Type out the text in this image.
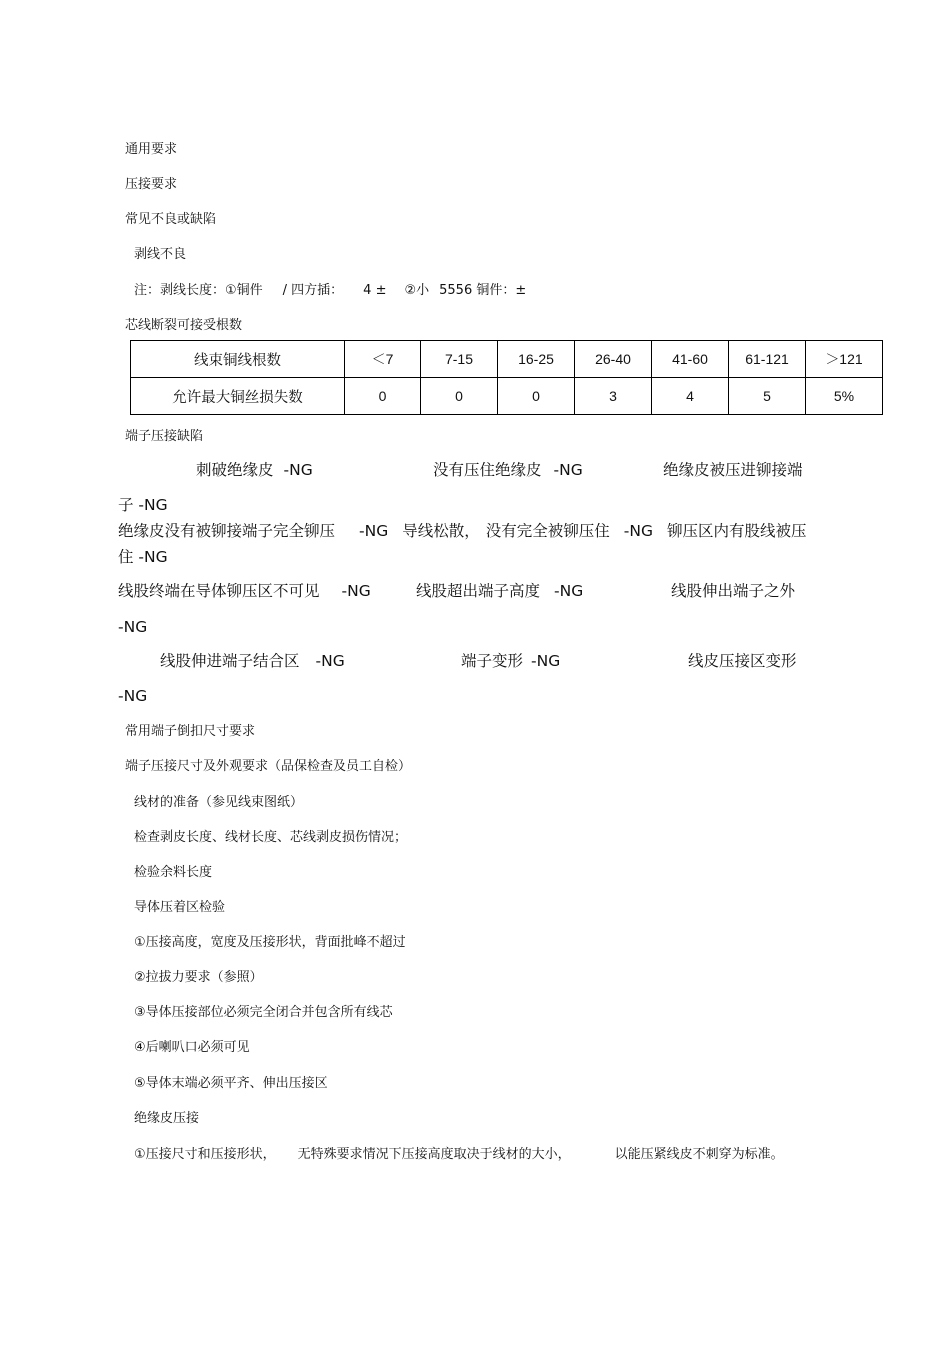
通用要求
压接要求
常见不良或缺陷
剥线不良
注：剥线长度：①铜件 / 四方插： 4 ± ②小 5556 铜件：±
芯线断裂可接受根数
线束铜线根数	＜7	7-15	16-25	26-40	41-60	61-121	＞121
允许最大铜丝损失数	0	0	0	3	4	5	5%
端子压接缺陷
刺破绝缘皮 -NG	没有压住绝缘皮 -NG	绝缘皮被压进铆接端
子 -NG
绝缘皮没有被铆接端子完全铆压 -NG 导线松散， 没有完全被铆压住 -NG 铆压区内有股线被压
住 -NG
线股终端在导体铆压区不可见 -NG	线股超出端子高度 -NG	线股伸出端子之外
-NG
线股伸进端子结合区 -NG	端子变形 -NG	线皮压接区变形
-NG
常用端子倒扣尺寸要求
端子压接尺寸及外观要求（品保检查及员工自检）
线材的准备（参见线束图纸）
检查剥皮长度、线材长度、芯线剥皮损伤情况；
检验余料长度
导体压着区检验
①压接高度，宽度及压接形状，背面批峰不超过
②拉拔力要求（参照）
③导体压接部位必须完全闭合并包含所有线芯
④后喇叭口必须可见
⑤导体末端必须平齐、伸出压接区
绝缘皮压接
①压接尺寸和压接形状， 无特殊要求情况下压接高度取决于线材的大小，	以能压紧线皮不刺穿为标准。
